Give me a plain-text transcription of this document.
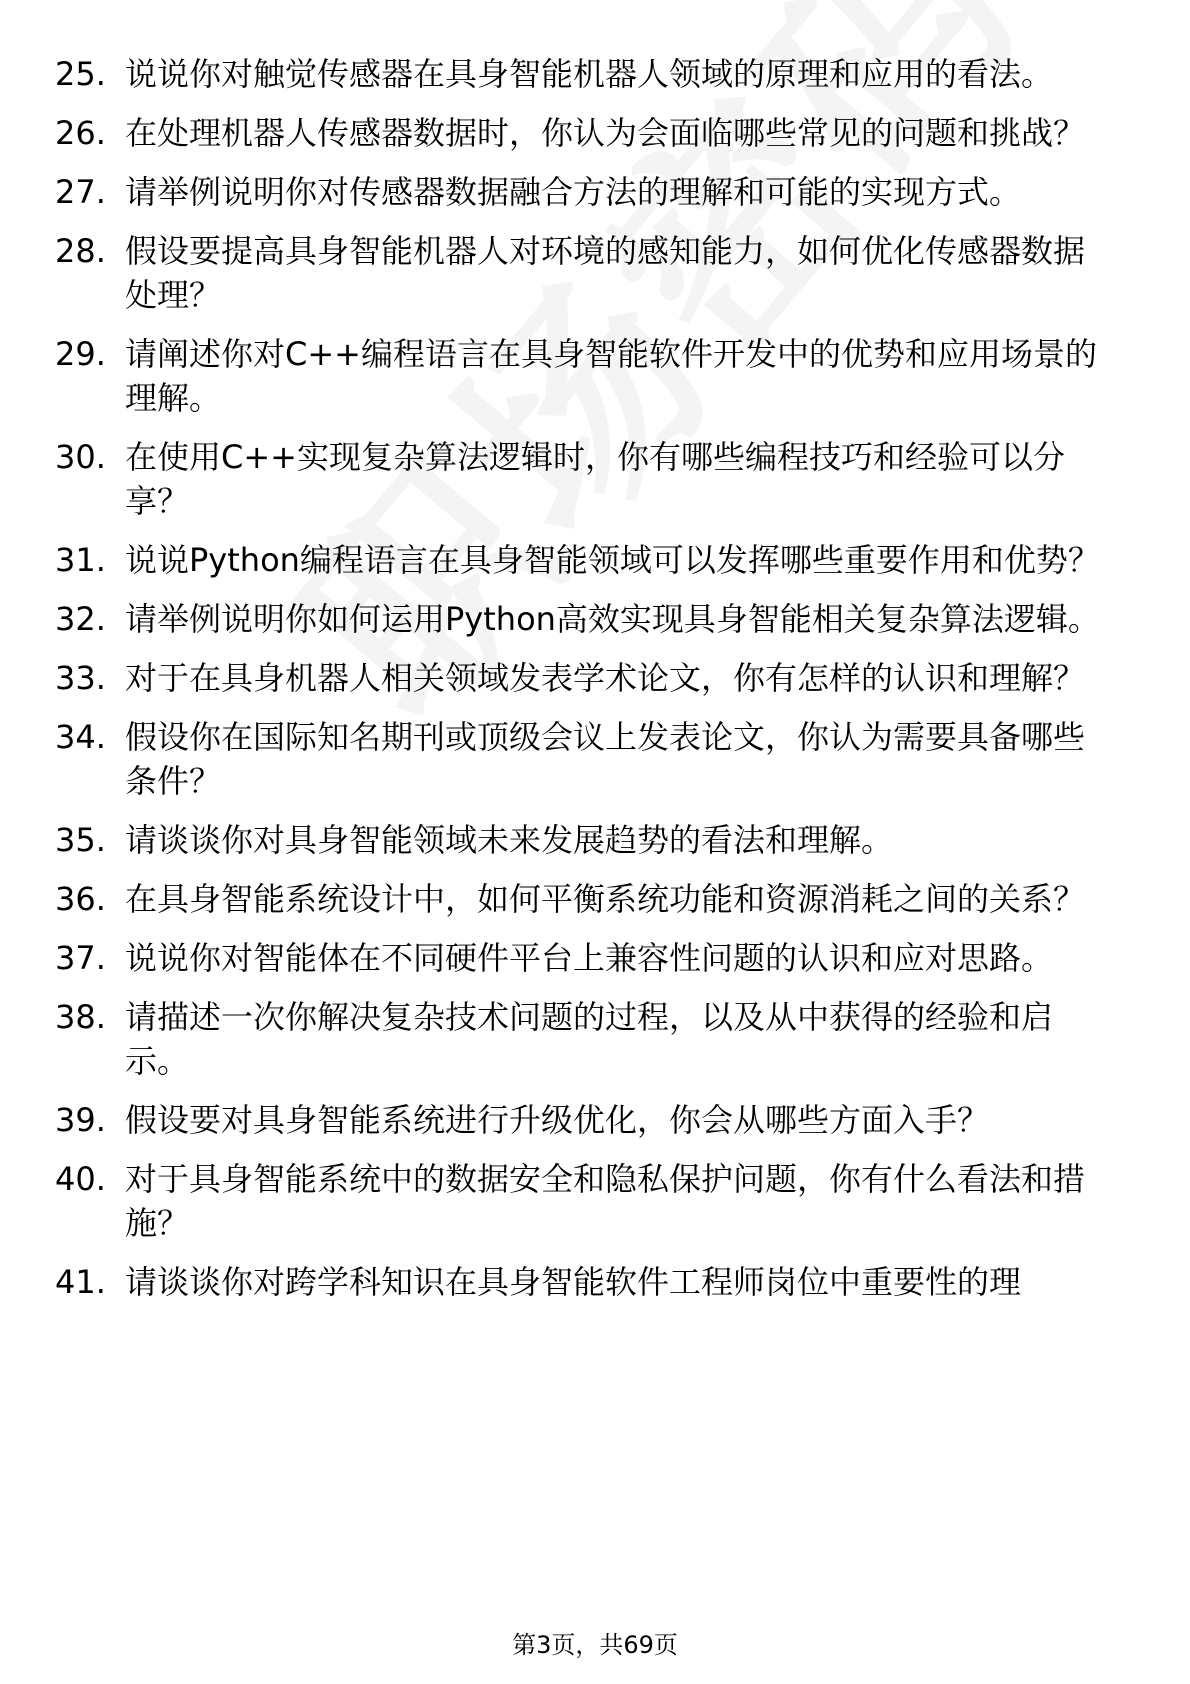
25. 说说你对触觉传感器在具身智能机器人领域的原理和应用的看法。
26. 在处理机器人传感器数据时，你认为会面临哪些常见的问题和挑战？
27. 请举例说明你对传感器数据融合方法的理解和可能的实现方式。
28. 假设要提高具身智能机器人对环境的感知能力，如何优化传感器数据处理？
29. 请阐述你对C++编程语言在具身智能软件开发中的优势和应用场景的理解。
30. 在使用C++实现复杂算法逻辑时，你有哪些编程技巧和经验可以分享？
31. 说说Python编程语言在具身智能领域可以发挥哪些重要作用和优势？
32. 请举例说明你如何运用Python高效实现具身智能相关复杂算法逻辑。
33. 对于在具身机器人相关领域发表学术论文，你有怎样的认识和理解？
34. 假设你在国际知名期刊或顶级会议上发表论文，你认为需要具备哪些条件？
35. 请谈谈你对具身智能领域未来发展趋势的看法和理解。
36. 在具身智能系统设计中，如何平衡系统功能和资源消耗之间的关系？
37. 说说你对智能体在不同硬件平台上兼容性问题的认识和应对思路。
38. 请描述一次你解决复杂技术问题的过程，以及从中获得的经验和启示。
39. 假设要对具身智能系统进行升级优化，你会从哪些方面入手？
40. 对于具身智能系统中的数据安全和隐私保护问题，你有什么看法和措施？
41. 请谈谈你对跨学科知识在具身智能软件工程师岗位中重要性的理
第3页，共69页
